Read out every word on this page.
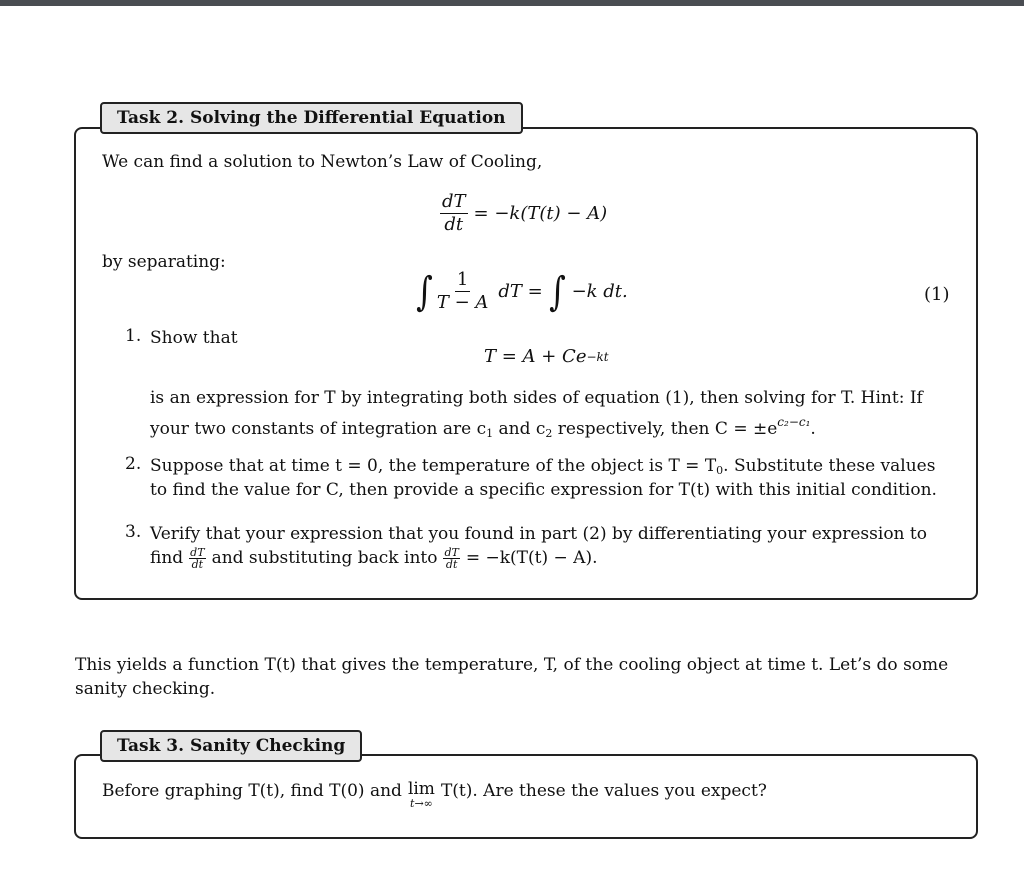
Task 2. Solving the Differential Equation
We can find a solution to Newton’s Law of Cooling,
$\frac{dT}{dt} = -k(T(t) - A)$
by separating:
∫ $\frac{1}{T - A}$ dT = ∫ −k dt.	(1)
1. Show that
T = A + Ce −kt
is an expression for T by integrating both sides of equation (1), then solving for T. Hint: If
your two constants of integration are $c_1$ and $c_2$ respectively, then $C = \pm e^{c_2-c_1}$.
2. Suppose that at time t = 0, the temperature of the object is $T = T_0$. Substitute these values
to find the value for C, then provide a specific expression for T(t) with this initial condition.
3. Verify that your expression that you found in part (2) by differentiating your expression to
find $\frac{dT}{dt}$ and substituting back into $\frac{dT}{dt} = -k(T(t) - A)$.
This yields a function T(t) that gives the temperature, T, of the cooling object at time t. Let’s do some
sanity checking.
Task 3. Sanity Checking
Before graphing T(t), find T(0) and lim
t→∞
T(t). Are these the values you expect?
